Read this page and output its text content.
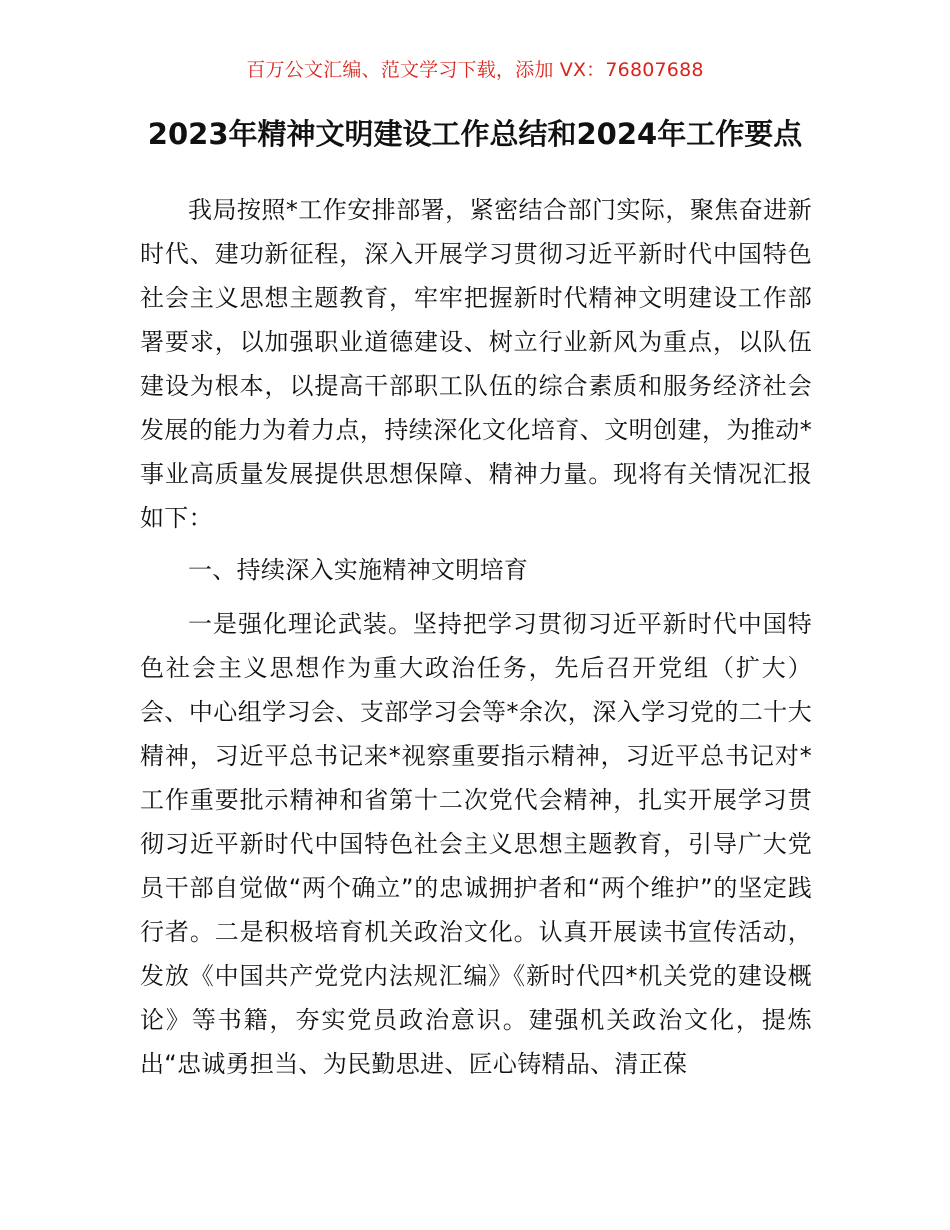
百万公文汇编、范文学习下载，添加 VX：76807688
2023年精神文明建设工作总结和2024年工作要点

我局按照*工作安排部署，紧密结合部门实际，聚焦奋进新时代、建功新征程，深入开展学习贯彻习近平新时代中国特色社会主义思想主题教育，牢牢把握新时代精神文明建设工作部署要求，以加强职业道德建设、树立行业新风为重点，以队伍建设为根本，以提高干部职工队伍的综合素质和服务经济社会发展的能力为着力点，持续深化文化培育、文明创建，为推动*事业高质量发展提供思想保障、精神力量。现将有关情况汇报如下：

一、持续深入实施精神文明培育

一是强化理论武装。坚持把学习贯彻习近平新时代中国特色社会主义思想作为重大政治任务，先后召开党组（扩大）会、中心组学习会、支部学习会等*余次，深入学习党的二十大精神，习近平总书记来*视察重要指示精神，习近平总书记对*工作重要批示精神和省第十二次党代会精神，扎实开展学习贯彻习近平新时代中国特色社会主义思想主题教育，引导广大党员干部自觉做“两个确立”的忠诚拥护者和“两个维护”的坚定践行者。二是积极培育机关政治文化。认真开展读书宣传活动，发放《中国共产党党内法规汇编》《新时代四*机关党的建设概论》等书籍，夯实党员政治意识。建强机关政治文化，提炼出“忠诚勇担当、为民勤思进、匠心铸精品、清正葆
